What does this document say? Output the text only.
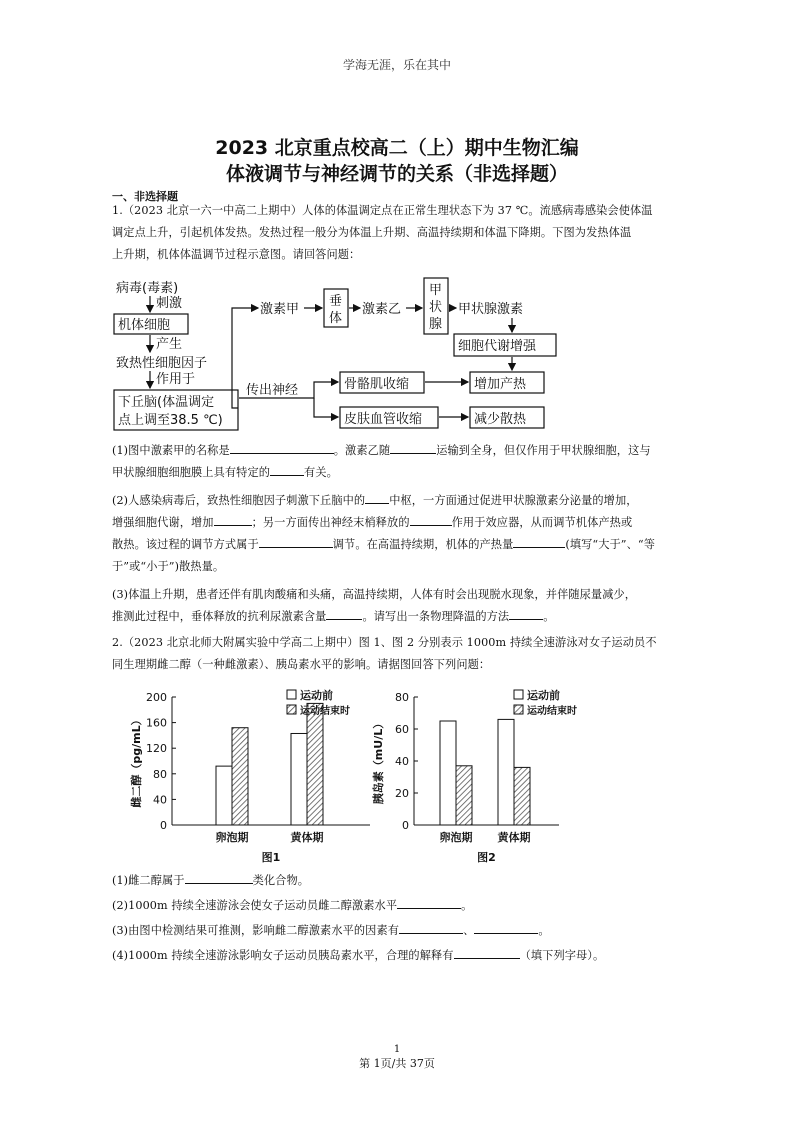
学海无涯，乐在其中
2023 北京重点校高二（上）期中生物汇编
体液调节与神经调节的关系（非选择题）
一、非选择题
1.（2023 北京一六一中高二上期中）人体的体温调定点在正常生理状态下为 37 ℃。流感病毒感染会使体温
调定点上升，引起机体发热。发热过程一般分为体温上升期、高温持续期和体温下降期。下图为发热体温
上升期，机体体温调节过程示意图。请回答问题：
病毒(毒素)
刺激
机体细胞
产生
致热性细胞因子
作用于
下丘脑(体温调定
点上调至38.5 ℃)
激素甲
垂
体
激素乙
甲
状
腺
甲状腺激素
细胞代谢增强
传出神经	骨骼肌收缩
皮肤血管收缩
增加产热
减少散热
(1)图中激素甲的名称是	。激素乙随	运输到全身，但仅作用于甲状腺细胞，这与
甲状腺细胞细胞膜上具有特定的	有关。
(2)人感染病毒后，致热性细胞因子刺激下丘脑中的 中枢，一方面通过促进甲状腺激素分泌量的增加，
增强细胞代谢，增加	；另一方面传出神经末梢释放的	作用于效应器，从而调节机体产热或
散热。该过程的调节方式属于	调节。在高温持续期，机体的产热量	(填写“大于”、“等
于”或“小于”)散热量。
(3)体温上升期，患者还伴有肌肉酸痛和头痛，高温持续期，人体有时会出现脱水现象，并伴随尿量减少，
推测此过程中，垂体释放的抗利尿激素含量	。请写出一条物理降温的方法	。
2.（2023 北京北师大附属实验中学高二上期中）图 1、图 2 分别表示 1000m 持续全速游泳对女子运动员不
同生理期雌二醇（一种雌激素）、胰岛素水平的影响。请据图回答下列问题：
0
40
80
120
160
200
卵泡期	黄体期
雌二醇（pg/mL）
运动前
运动结束时
图1
0
20
40
60
80
卵泡期 黄体期
胰岛素（mU/L）
运动前
运动结束时
图2
(1)雌二醇属于	类化合物。
(2)1000m 持续全速游泳会使女子运动员雌二醇激素水平	。
(3)由图中检测结果可推测，影响雌二醇激素水平的因素有	、	。
(4)1000m 持续全速游泳影响女子运动员胰岛素水平，合理的解释有	（填下列字母）。
1
第 1页/共 37页
